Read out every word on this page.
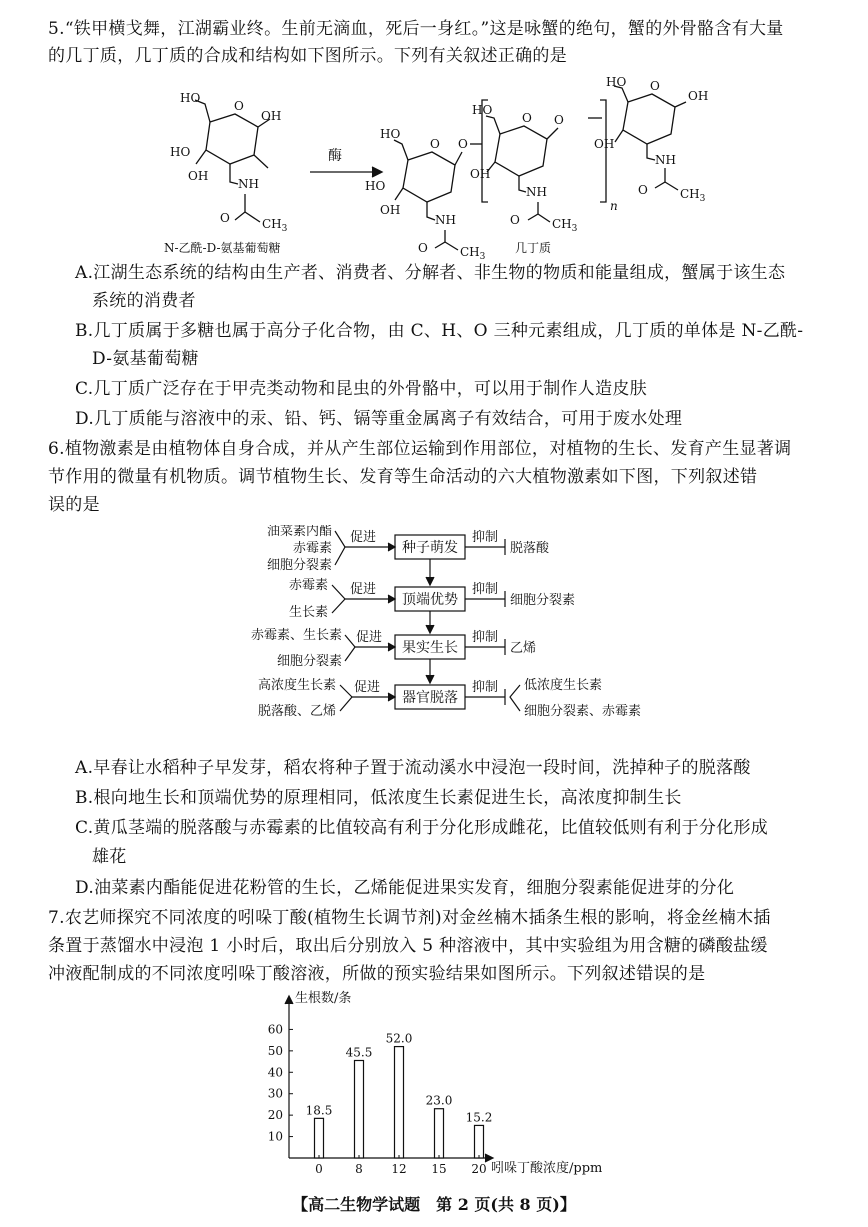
5.“铁甲横戈舞，江湖霸业终。生前无滴血，死后一身红。”这是咏蟹的绝句，蟹的外骨骼含有大量
的几丁质，几丁质的合成和结构如下图所示。下列有关叙述正确的是
HO
OH
O
HO
OH
NH
O	$CH_3$
酶
HO
HO
OH
O O
NH
O	$CH_3$
HO
OH
O O
NH
O	$CH_3$
n
HO
OH
O
OH
NH
O	$CH_3$
N-乙酰-D-氨基葡萄糖	几丁质
A.江湖生态系统的结构由生产者、消费者、分解者、非生物的物质和能量组成，蟹属于该生态
系统的消费者
B.几丁质属于多糖也属于高分子化合物，由 C、H、O 三种元素组成，几丁质的单体是 N-乙酰-
D-氨基葡萄糖
C.几丁质广泛存在于甲壳类动物和昆虫的外骨骼中，可以用于制作人造皮肤
D.几丁质能与溶液中的汞、铅、钙、镉等重金属离子有效结合，可用于废水处理
6.植物激素是由植物体自身合成，并从产生部位运输到作用部位，对植物的生长、发育产生显著调
节作用的微量有机物质。调节植物生长、发育等生命活动的六大植物激素如下图，下列叙述错
误的是
促进	抑制
促进	抑制
促进	抑制
促进	抑制
种子萌发
顶端优势
果实生长
器官脱落
油菜素内酯
赤霉素
细胞分裂素
脱落酸
赤霉素
生长素
细胞分裂素
赤霉素、生长素
细胞分裂素
乙烯
高浓度生长素
脱落酸、乙烯
低浓度生长素
细胞分裂素、赤霉素
A.早春让水稻种子早发芽，稻农将种子置于流动溪水中浸泡一段时间，洗掉种子的脱落酸
B.根向地生长和顶端优势的原理相同，低浓度生长素促进生长，高浓度抑制生长
C.黄瓜茎端的脱落酸与赤霉素的比值较高有利于分化形成雌花，比值较低则有利于分化形成
雄花
D.油菜素内酯能促进花粉管的生长，乙烯能促进果实发育，细胞分裂素能促进芽的分化
7.农艺师探究不同浓度的吲哚丁酸(植物生长调节剂)对金丝楠木插条生根的影响，将金丝楠木插
条置于蒸馏水中浸泡 1 小时后，取出后分别放入 5 种溶液中，其中实验组为用含糖的磷酸盐缓
冲液配制成的不同浓度吲哚丁酸溶液，所做的预实验结果如图所示。下列叙述错误的是
10
20
30
40
50
60
18.5
0
45.5
8
52.0
12
23.0
15
15.2
20
生根数/条
吲哚丁酸浓度/ppm
【高二生物学试题　第 2 页(共 8 页)】
